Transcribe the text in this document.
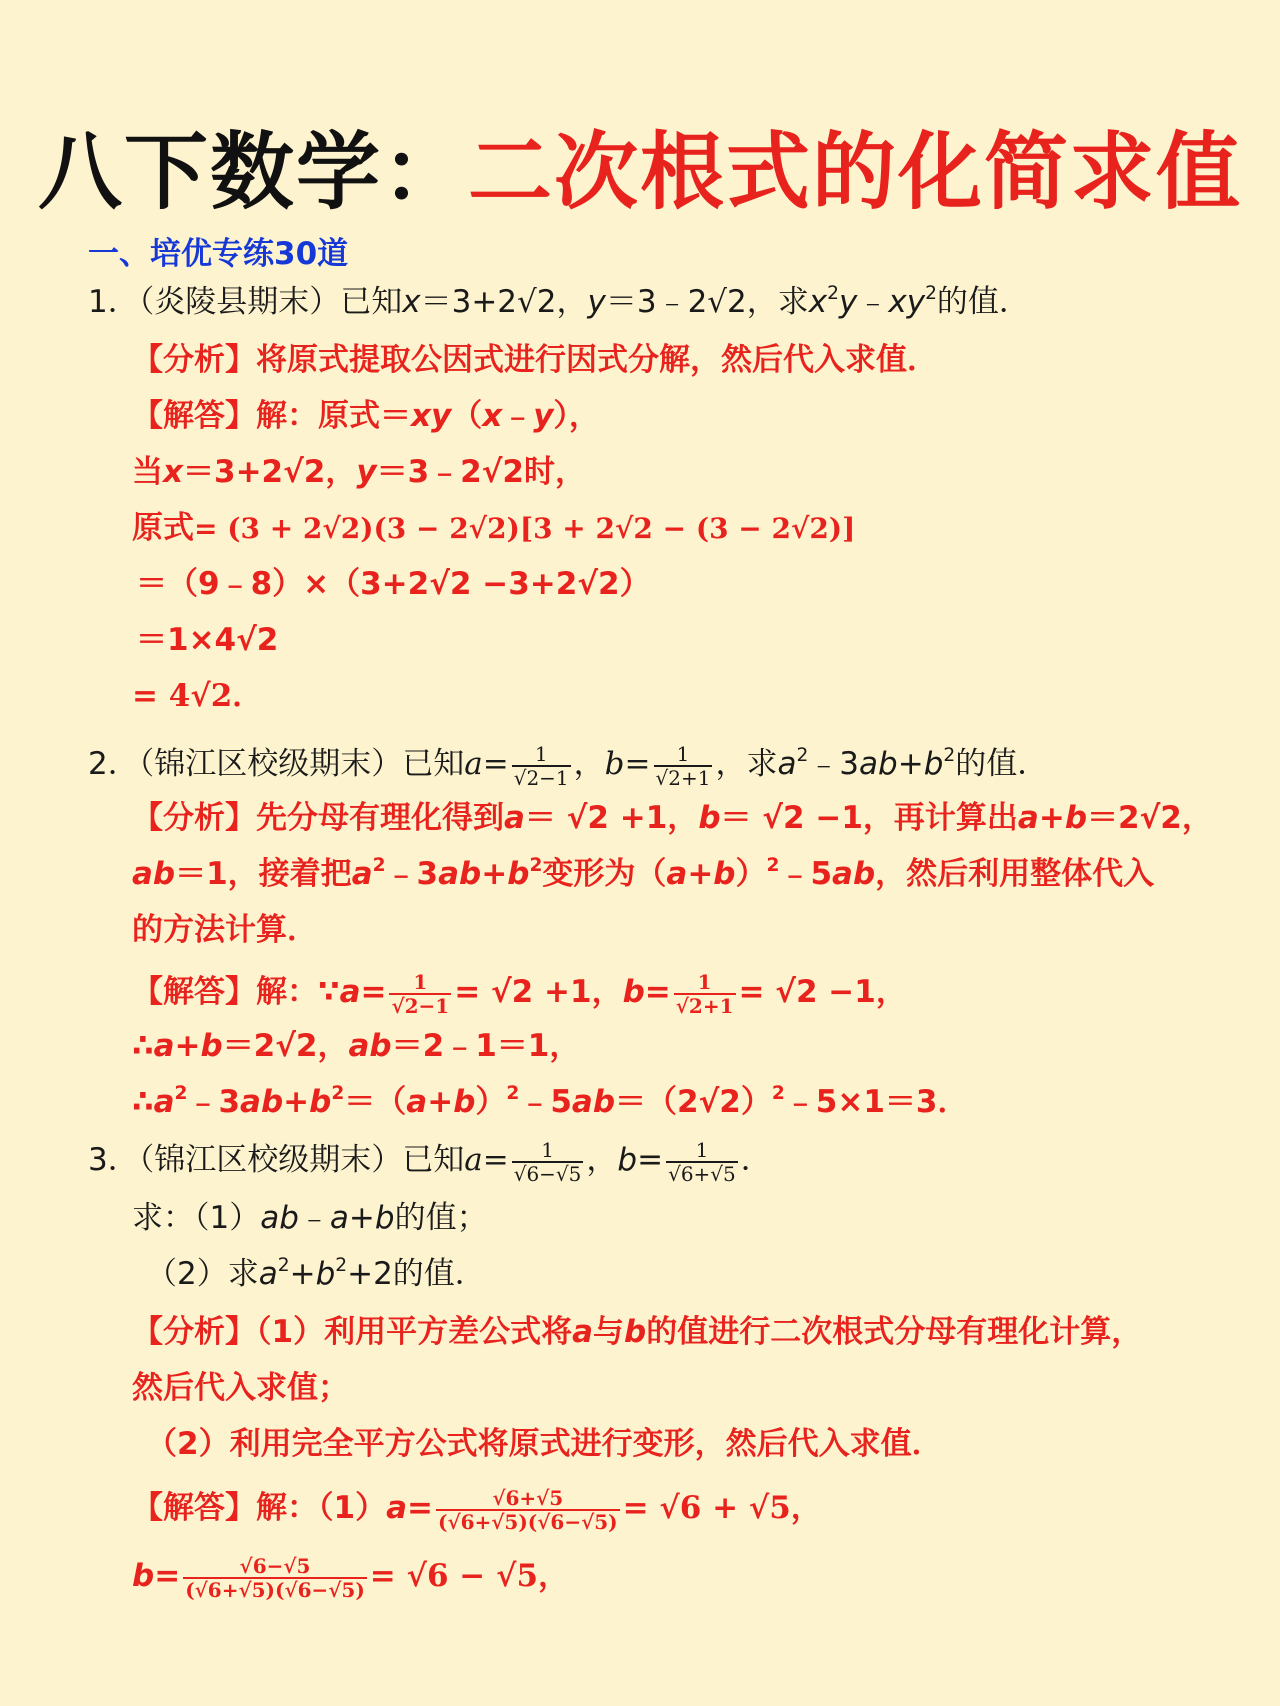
八下数学：二次根式的化简求值
一、培优专练30道
1．（炎陵县期末）已知x＝3+2√2，y＝3﹣2√2，求$x^2y﹣xy^2$的值．
【分析】将原式提取公因式进行因式分解，然后代入求值．
【解答】解：原式＝xy（x﹣y），
当x＝3+2√2，y＝3﹣2√2时，
原式= (3 + 2√2)(3 − 2√2)[3 + 2√2 − (3 − 2√2)]
＝（9﹣8）×（3+2√2 −3+2√2）
＝1×4√2
= 4√2．
2．（锦江区校级期末）已知$a= \frac{1}{√2-1}$ ，$b= \frac{1}{√2+1}$ ，求$a^2﹣3ab+b^2$的值．
【分析】先分母有理化得到a＝ √2 +1，b＝ √2 −1，再计算出a+b＝2√2，
ab＝1，接着把$a^2﹣3ab+b^2$变形为$(a+b)^2﹣5ab$，然后利用整体代入
的方法计算．
【解答】解：∵a= $\frac{1}{√2-1} = √2 +1$，$b= \frac{1}{√2+1} = √2 -1$，
∴a+b＝2√2，ab＝2﹣1＝1，
$\therefore a^2﹣3ab+b^2=(a+b)^2﹣5ab=(2√2)^2﹣5\times 1=3$．
3．（锦江区校级期末）已知$a= \frac{1}{√6-√5}$ ，$b= \frac{1}{√6+√5}$ ．
求：（1）ab﹣a+b的值；
（2）求$a^2+b^2+2$的值．
【分析】（1）利用平方差公式将a与b的值进行二次根式分母有理化计算，
然后代入求值；
（2）利用完全平方公式将原式进行变形，然后代入求值．
【解答】解：$(1)a= \frac{√6+√5}{(√6+√5)(√6-√5)} = √6 + √5$，
$b= \frac{√6-√5}{(√6+√5)(√6-√5)} = √6 - √5$，
